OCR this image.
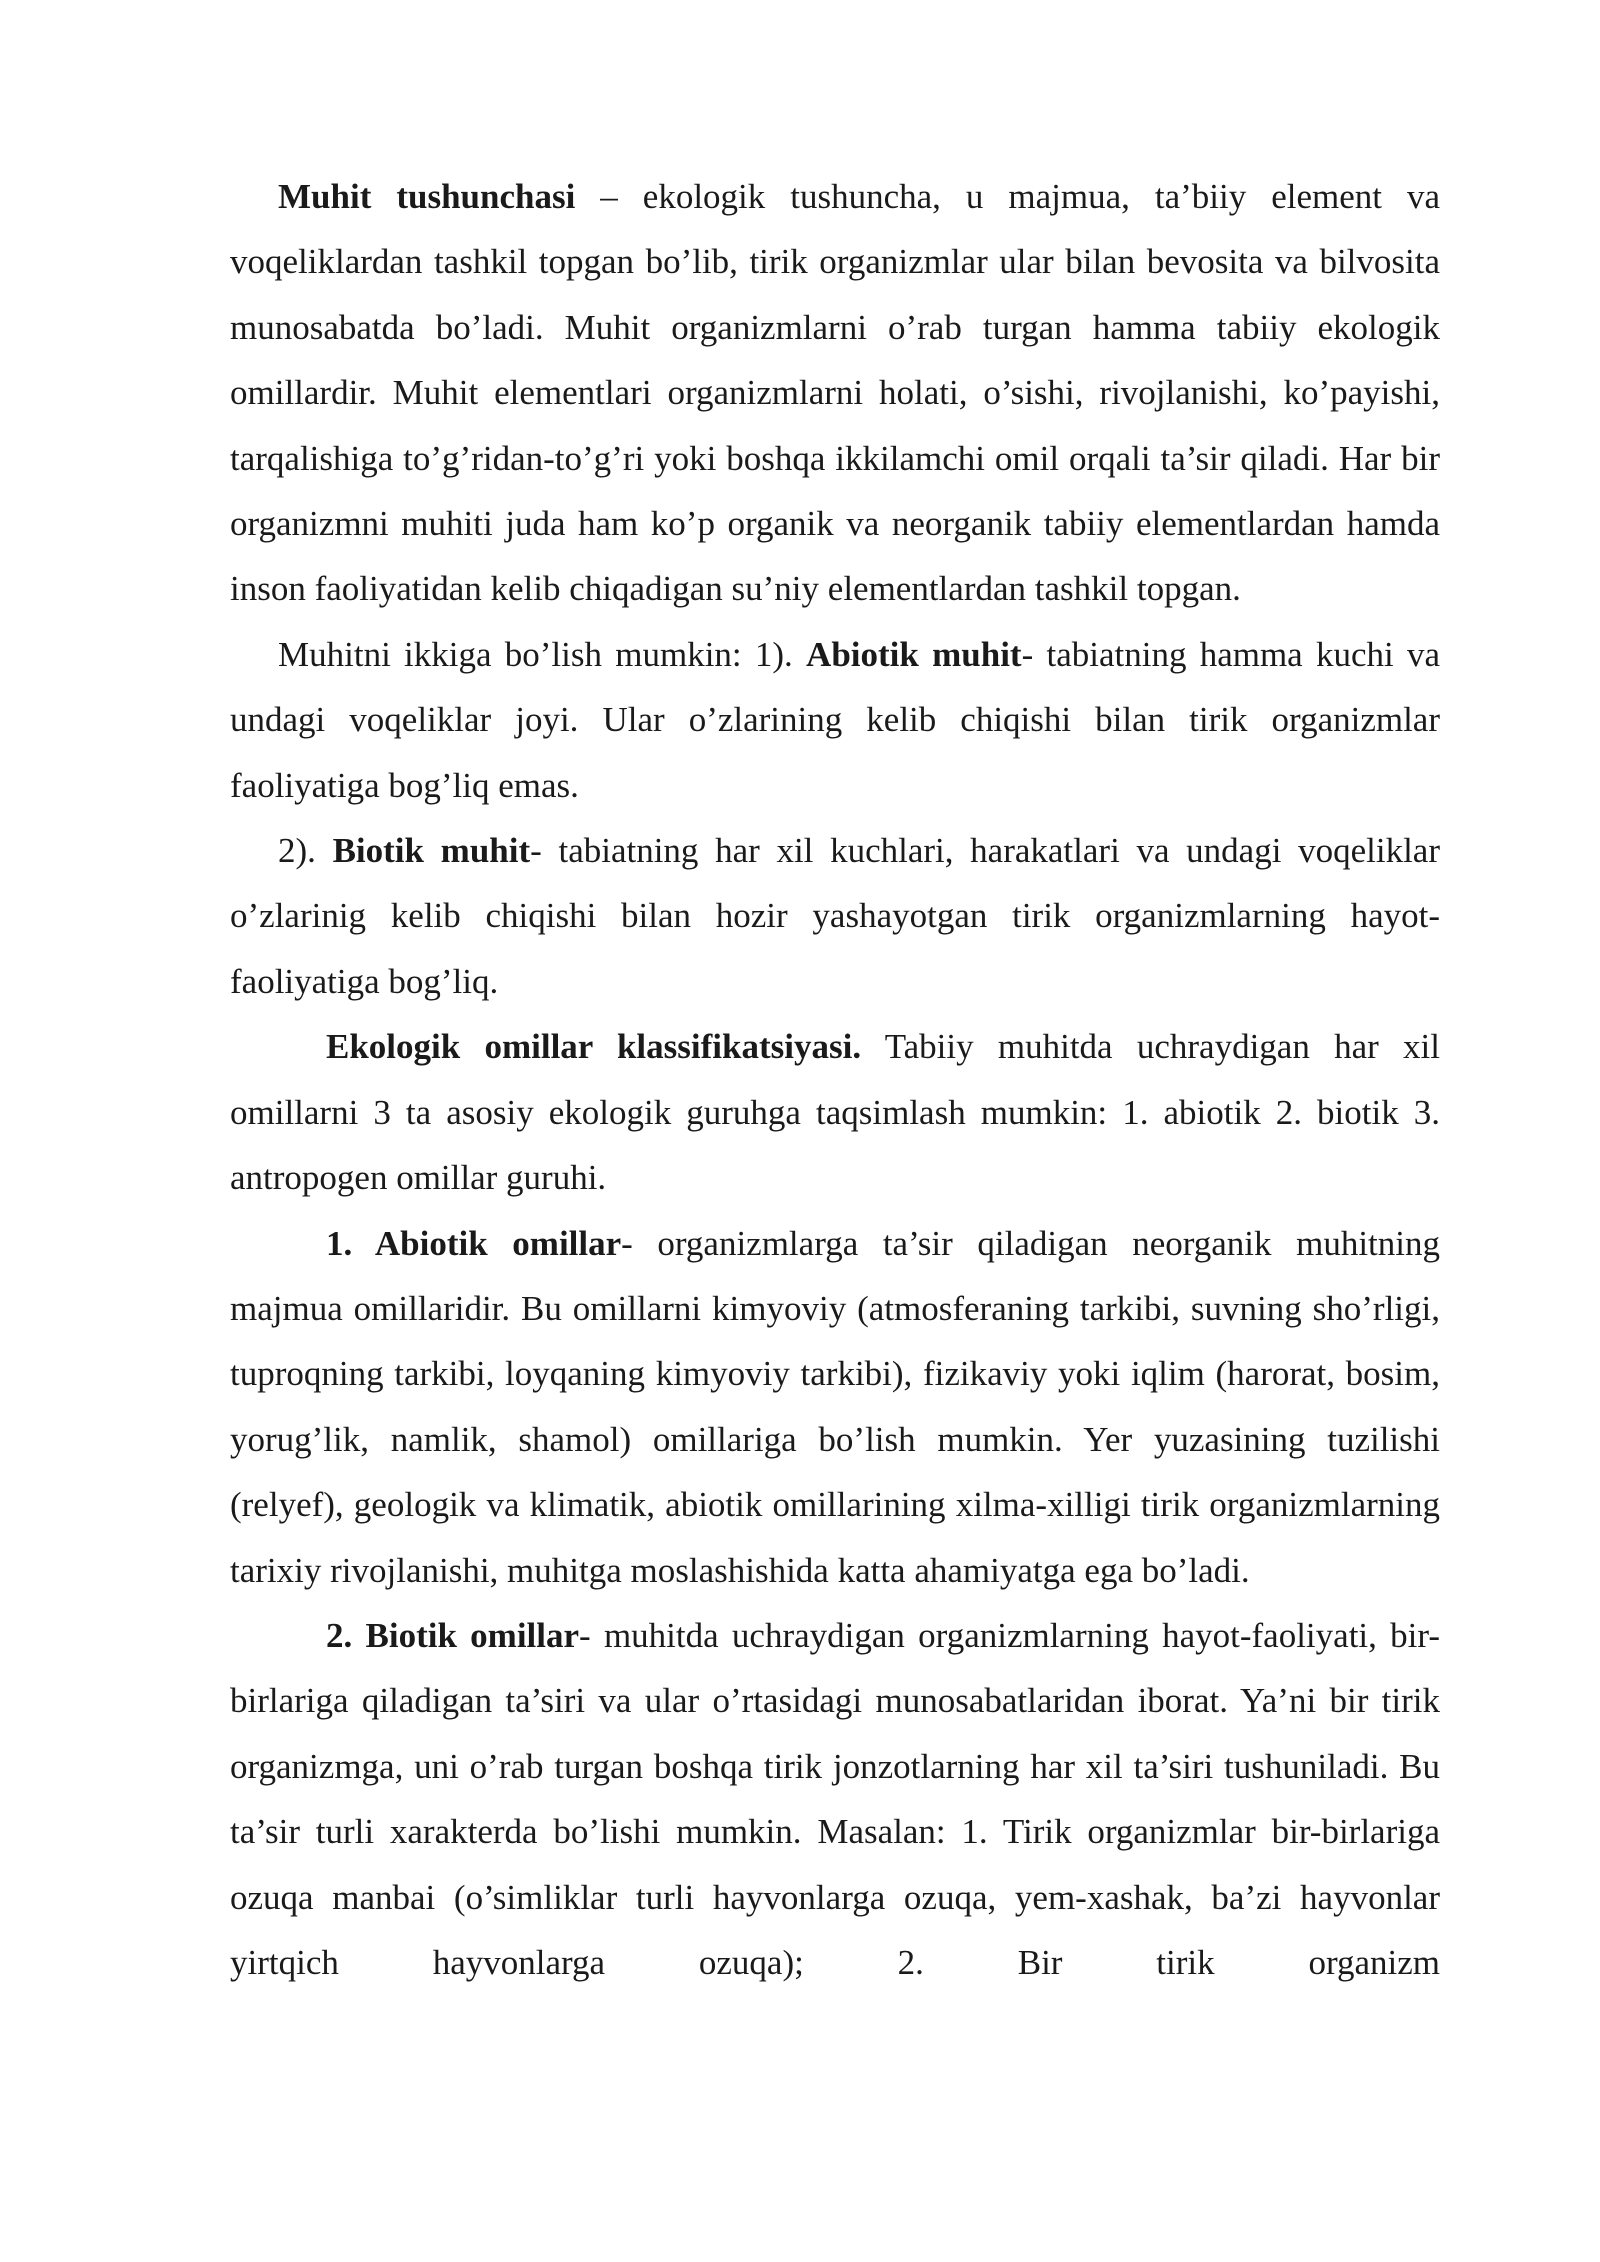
Muhit tushunchasi – ekologik tushuncha, u majmua, ta’biiy element va voqeliklardan tashkil topgan bo’lib, tirik organizmlar ular bilan bevosita va bilvosita munosabatda bo’ladi. Muhit organizmlarni o’rab turgan hamma tabiiy ekologik omillardir. Muhit elementlari organizmlarni holati, o’sishi, rivojlanishi, ko’payishi, tarqalishiga to’g’ridan-to’g’ri yoki boshqa ikkilamchi omil orqali ta’sir qiladi. Har bir organizmni muhiti juda ham ko’p organik va neorganik tabiiy elementlardan hamda inson faoliyatidan kelib chiqadigan su’niy elementlardan tashkil topgan.

Muhitni ikkiga bo’lish mumkin: 1). Abiotik muhit- tabiatning hamma kuchi va undagi voqeliklar joyi. Ular o’zlarining kelib chiqishi bilan tirik organizmlar faoliyatiga bog’liq emas.

2). Biotik muhit- tabiatning har xil kuchlari, harakatlari va undagi voqeliklar o’zlarinig kelib chiqishi bilan hozir yashayotgan tirik organizmlarning hayot-faoliyatiga bog’liq.

Ekologik omillar klassifikatsiyasi. Tabiiy muhitda uchraydigan har xil omillarni 3 ta asosiy ekologik guruhga taqsimlash mumkin: 1. abiotik 2. biotik 3. antropogen omillar guruhi.

1. Abiotik omillar- organizmlarga ta’sir qiladigan neorganik muhitning majmua omillaridir. Bu omillarni kimyoviy (atmosferaning tarkibi, suvning sho’rligi, tuproqning tarkibi, loyqaning kimyoviy tarkibi), fizikaviy yoki iqlim (harorat, bosim, yorug’lik, namlik, shamol) omillariga bo’lish mumkin. Yer yuzasining tuzilishi (relyef), geologik va klimatik, abiotik omillarining xilma-xilligi tirik organizmlarning tarixiy rivojlanishi, muhitga moslashishida katta ahamiyatga ega bo’ladi.

2. Biotik omillar- muhitda uchraydigan organizmlarning hayot-faoliyati, bir-birlariga qiladigan ta’siri va ular o’rtasidagi munosabatlaridan iborat. Ya’ni bir tirik organizmga, uni o’rab turgan boshqa tirik jonzotlarning har xil ta’siri tushuniladi. Bu ta’sir turli xarakterda bo’lishi mumkin. Masalan: 1. Tirik organizmlar bir-birlariga ozuqa manbai (o’simliklar turli hayvonlarga ozuqa, yem-xashak, ba’zi hayvonlar yirtqich hayvonlarga ozuqa); 2. Bir tirik organizm
